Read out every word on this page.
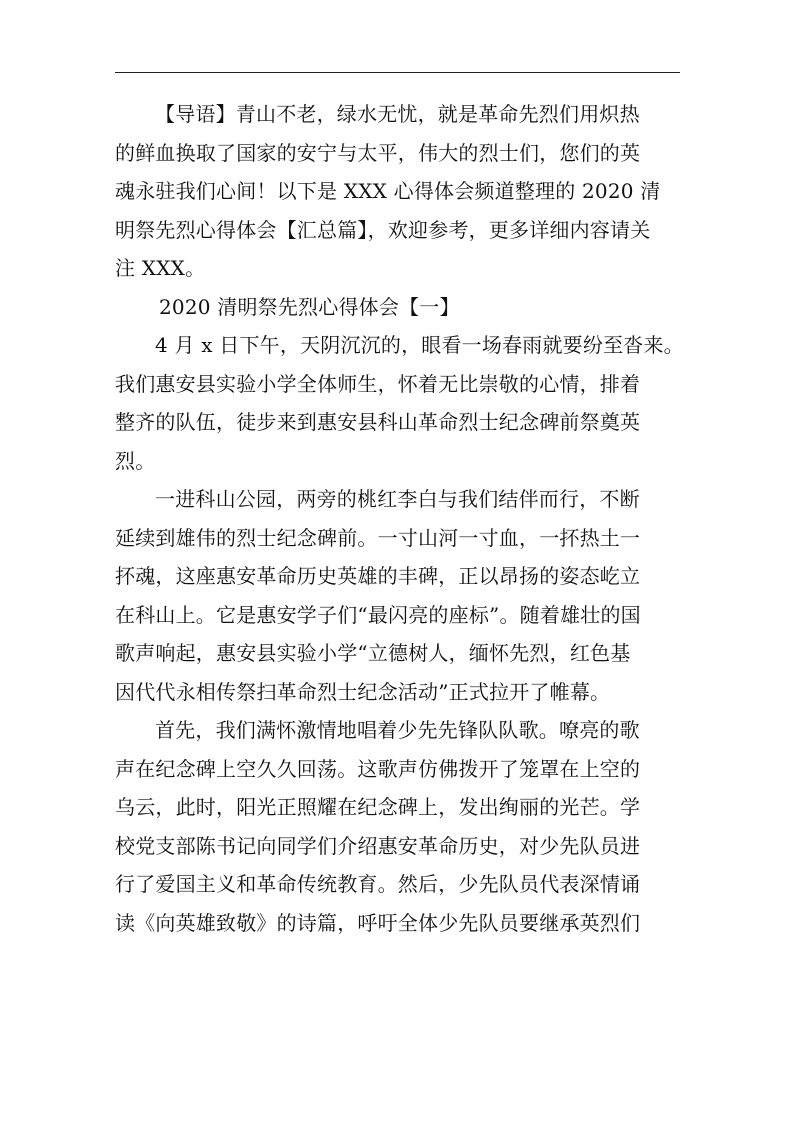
【导语】青山不老，绿水无忧，就是革命先烈们用炽热
的鲜血换取了国家的安宁与太平，伟大的烈士们，您们的英
魂永驻我们心间！以下是 XXX 心得体会频道整理的 2020 清
明祭先烈心得体会【汇总篇】，欢迎参考，更多详细内容请关
注 XXX。
2020 清明祭先烈心得体会【一】
4 月 x 日下午，天阴沉沉的，眼看一场春雨就要纷至沓来。
我们惠安县实验小学全体师生，怀着无比崇敬的心情，排着
整齐的队伍，徒步来到惠安县科山革命烈士纪念碑前祭奠英
烈。
一进科山公园，两旁的桃红李白与我们结伴而行，不断
延续到雄伟的烈士纪念碑前。一寸山河一寸血，一抔热土一
抔魂，这座惠安革命历史英雄的丰碑，正以昂扬的姿态屹立
在科山上。它是惠安学子们“最闪亮的座标”。随着雄壮的国
歌声响起，惠安县实验小学“立德树人，缅怀先烈，红色基
因代代永相传祭扫革命烈士纪念活动”正式拉开了帷幕。
首先，我们满怀激情地唱着少先先锋队队歌。嘹亮的歌
声在纪念碑上空久久回荡。这歌声仿佛拨开了笼罩在上空的
乌云，此时，阳光正照耀在纪念碑上，发出绚丽的光芒。学
校党支部陈书记向同学们介绍惠安革命历史，对少先队员进
行了爱国主义和革命传统教育。然后，少先队员代表深情诵
读《向英雄致敬》的诗篇，呼吁全体少先队员要继承英烈们
